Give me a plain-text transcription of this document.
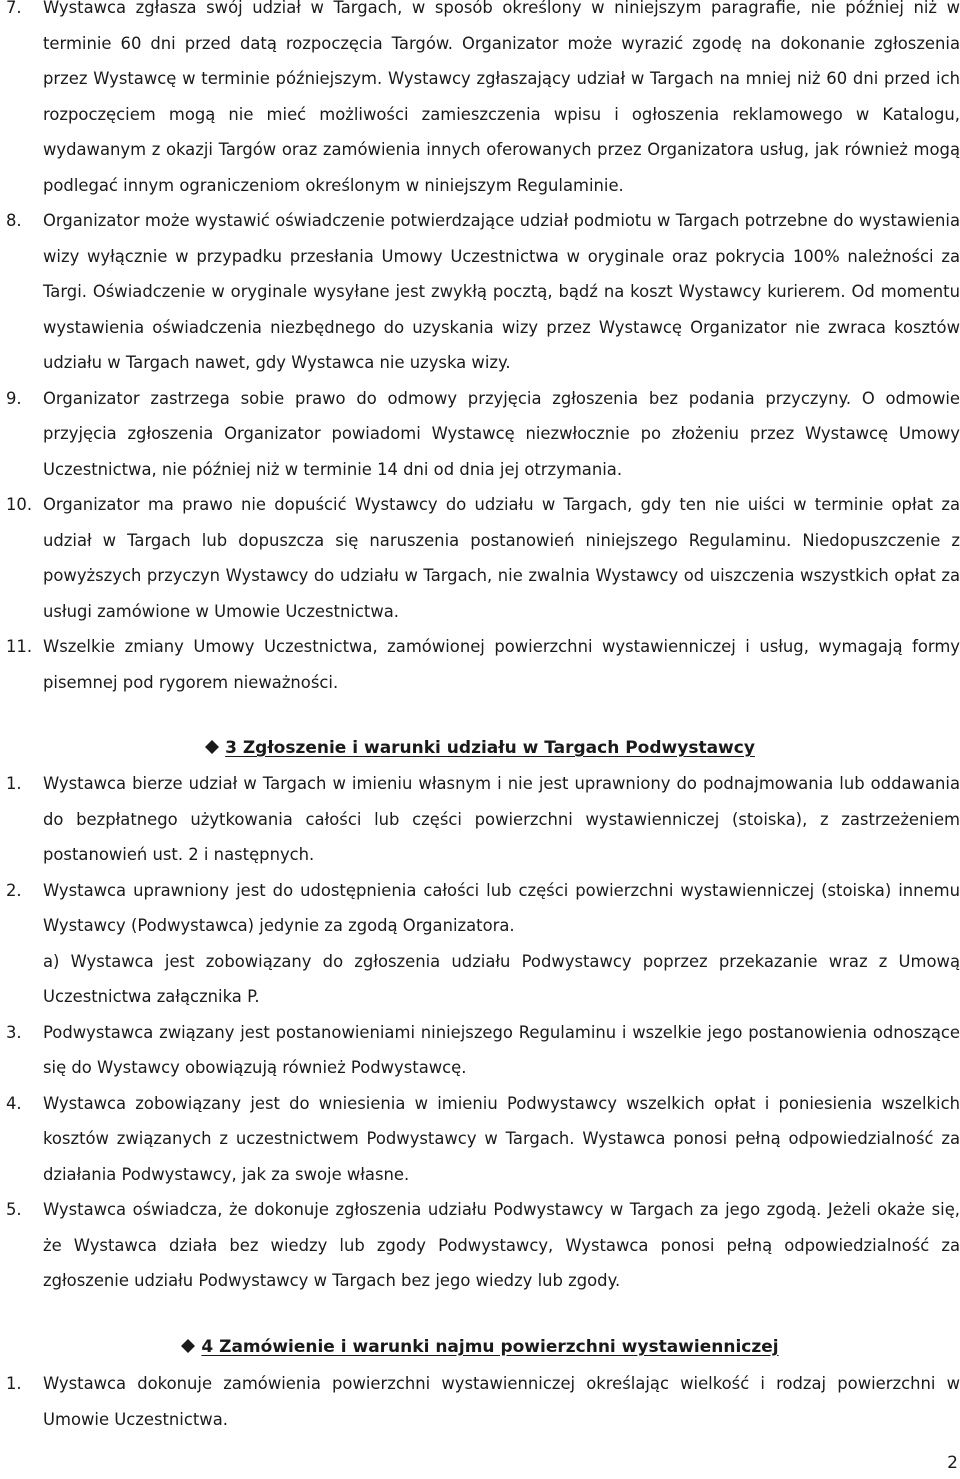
7. Wystawca zgłasza swój udział w Targach, w sposób określony w niniejszym paragrafie, nie później niż w terminie 60 dni przed datą rozpoczęcia Targów. Organizator może wyrazić zgodę na dokonanie zgłoszenia przez Wystawcę w terminie późniejszym. Wystawcy zgłaszający udział w Targach na mniej niż 60 dni przed ich rozpoczęciem mogą nie mieć możliwości zamieszczenia wpisu i ogłoszenia reklamowego w Katalogu, wydawanym z okazji Targów oraz zamówienia innych oferowanych przez Organizatora usług, jak również mogą podlegać innym ograniczeniom określonym w niniejszym Regulaminie.
8. Organizator może wystawić oświadczenie potwierdzające udział podmiotu w Targach potrzebne do wystawienia wizy wyłącznie w przypadku przesłania Umowy Uczestnictwa w oryginale oraz pokrycia 100% należności za Targi. Oświadczenie w oryginale wysyłane jest zwykłą pocztą, bądź na koszt Wystawcy kurierem. Od momentu wystawienia oświadczenia niezbędnego do uzyskania wizy przez Wystawcę Organizator nie zwraca kosztów udziału w Targach nawet, gdy Wystawca nie uzyska wizy.
9. Organizator zastrzega sobie prawo do odmowy przyjęcia zgłoszenia bez podania przyczyny. O odmowie przyjęcia zgłoszenia Organizator powiadomi Wystawcę niezwłocznie po złożeniu przez Wystawcę Umowy Uczestnictwa, nie później niż w terminie 14 dni od dnia jej otrzymania.
10. Organizator ma prawo nie dopuścić Wystawcy do udziału w Targach, gdy ten nie uiści w terminie opłat za udział w Targach lub dopuszcza się naruszenia postanowień niniejszego Regulaminu. Niedopuszczenie z powyższych przyczyn Wystawcy do udziału w Targach, nie zwalnia Wystawcy od uiszczenia wszystkich opłat za usługi zamówione w Umowie Uczestnictwa.
11. Wszelkie zmiany Umowy Uczestnictwa, zamówionej powierzchni wystawienniczej i usług, wymagają formy pisemnej pod rygorem nieważności.
3 Zgłoszenie i warunki udziału w Targach Podwystawcy
1. Wystawca bierze udział w Targach w imieniu własnym i nie jest uprawniony do podnajmowania lub oddawania do bezpłatnego użytkowania całości lub części powierzchni wystawienniczej (stoiska), z zastrzeżeniem postanowień ust. 2 i następnych.
2. Wystawca uprawniony jest do udostępnienia całości lub części powierzchni wystawienniczej (stoiska) innemu Wystawcy (Podwystawca) jedynie za zgodą Organizatora.
a) Wystawca jest zobowiązany do zgłoszenia udziału Podwystawcy poprzez przekazanie wraz z Umową Uczestnictwa załącznika P.
3. Podwystawca związany jest postanowieniami niniejszego Regulaminu i wszelkie jego postanowienia odnoszące się do Wystawcy obowiązują również Podwystawcę.
4. Wystawca zobowiązany jest do wniesienia w imieniu Podwystawcy wszelkich opłat i poniesienia wszelkich kosztów związanych z uczestnictwem Podwystawcy w Targach. Wystawca ponosi pełną odpowiedzialność za działania Podwystawcy, jak za swoje własne.
5. Wystawca oświadcza, że dokonuje zgłoszenia udziału Podwystawcy w Targach za jego zgodą. Jeżeli okaże się, że Wystawca działa bez wiedzy lub zgody Podwystawcy, Wystawca ponosi pełną odpowiedzialność za zgłoszenie udziału Podwystawcy w Targach bez jego wiedzy lub zgody.
4 Zamówienie i warunki najmu powierzchni wystawienniczej
1. Wystawca dokonuje zamówienia powierzchni wystawienniczej określając wielkość i rodzaj powierzchni w Umowie Uczestnictwa.
2
